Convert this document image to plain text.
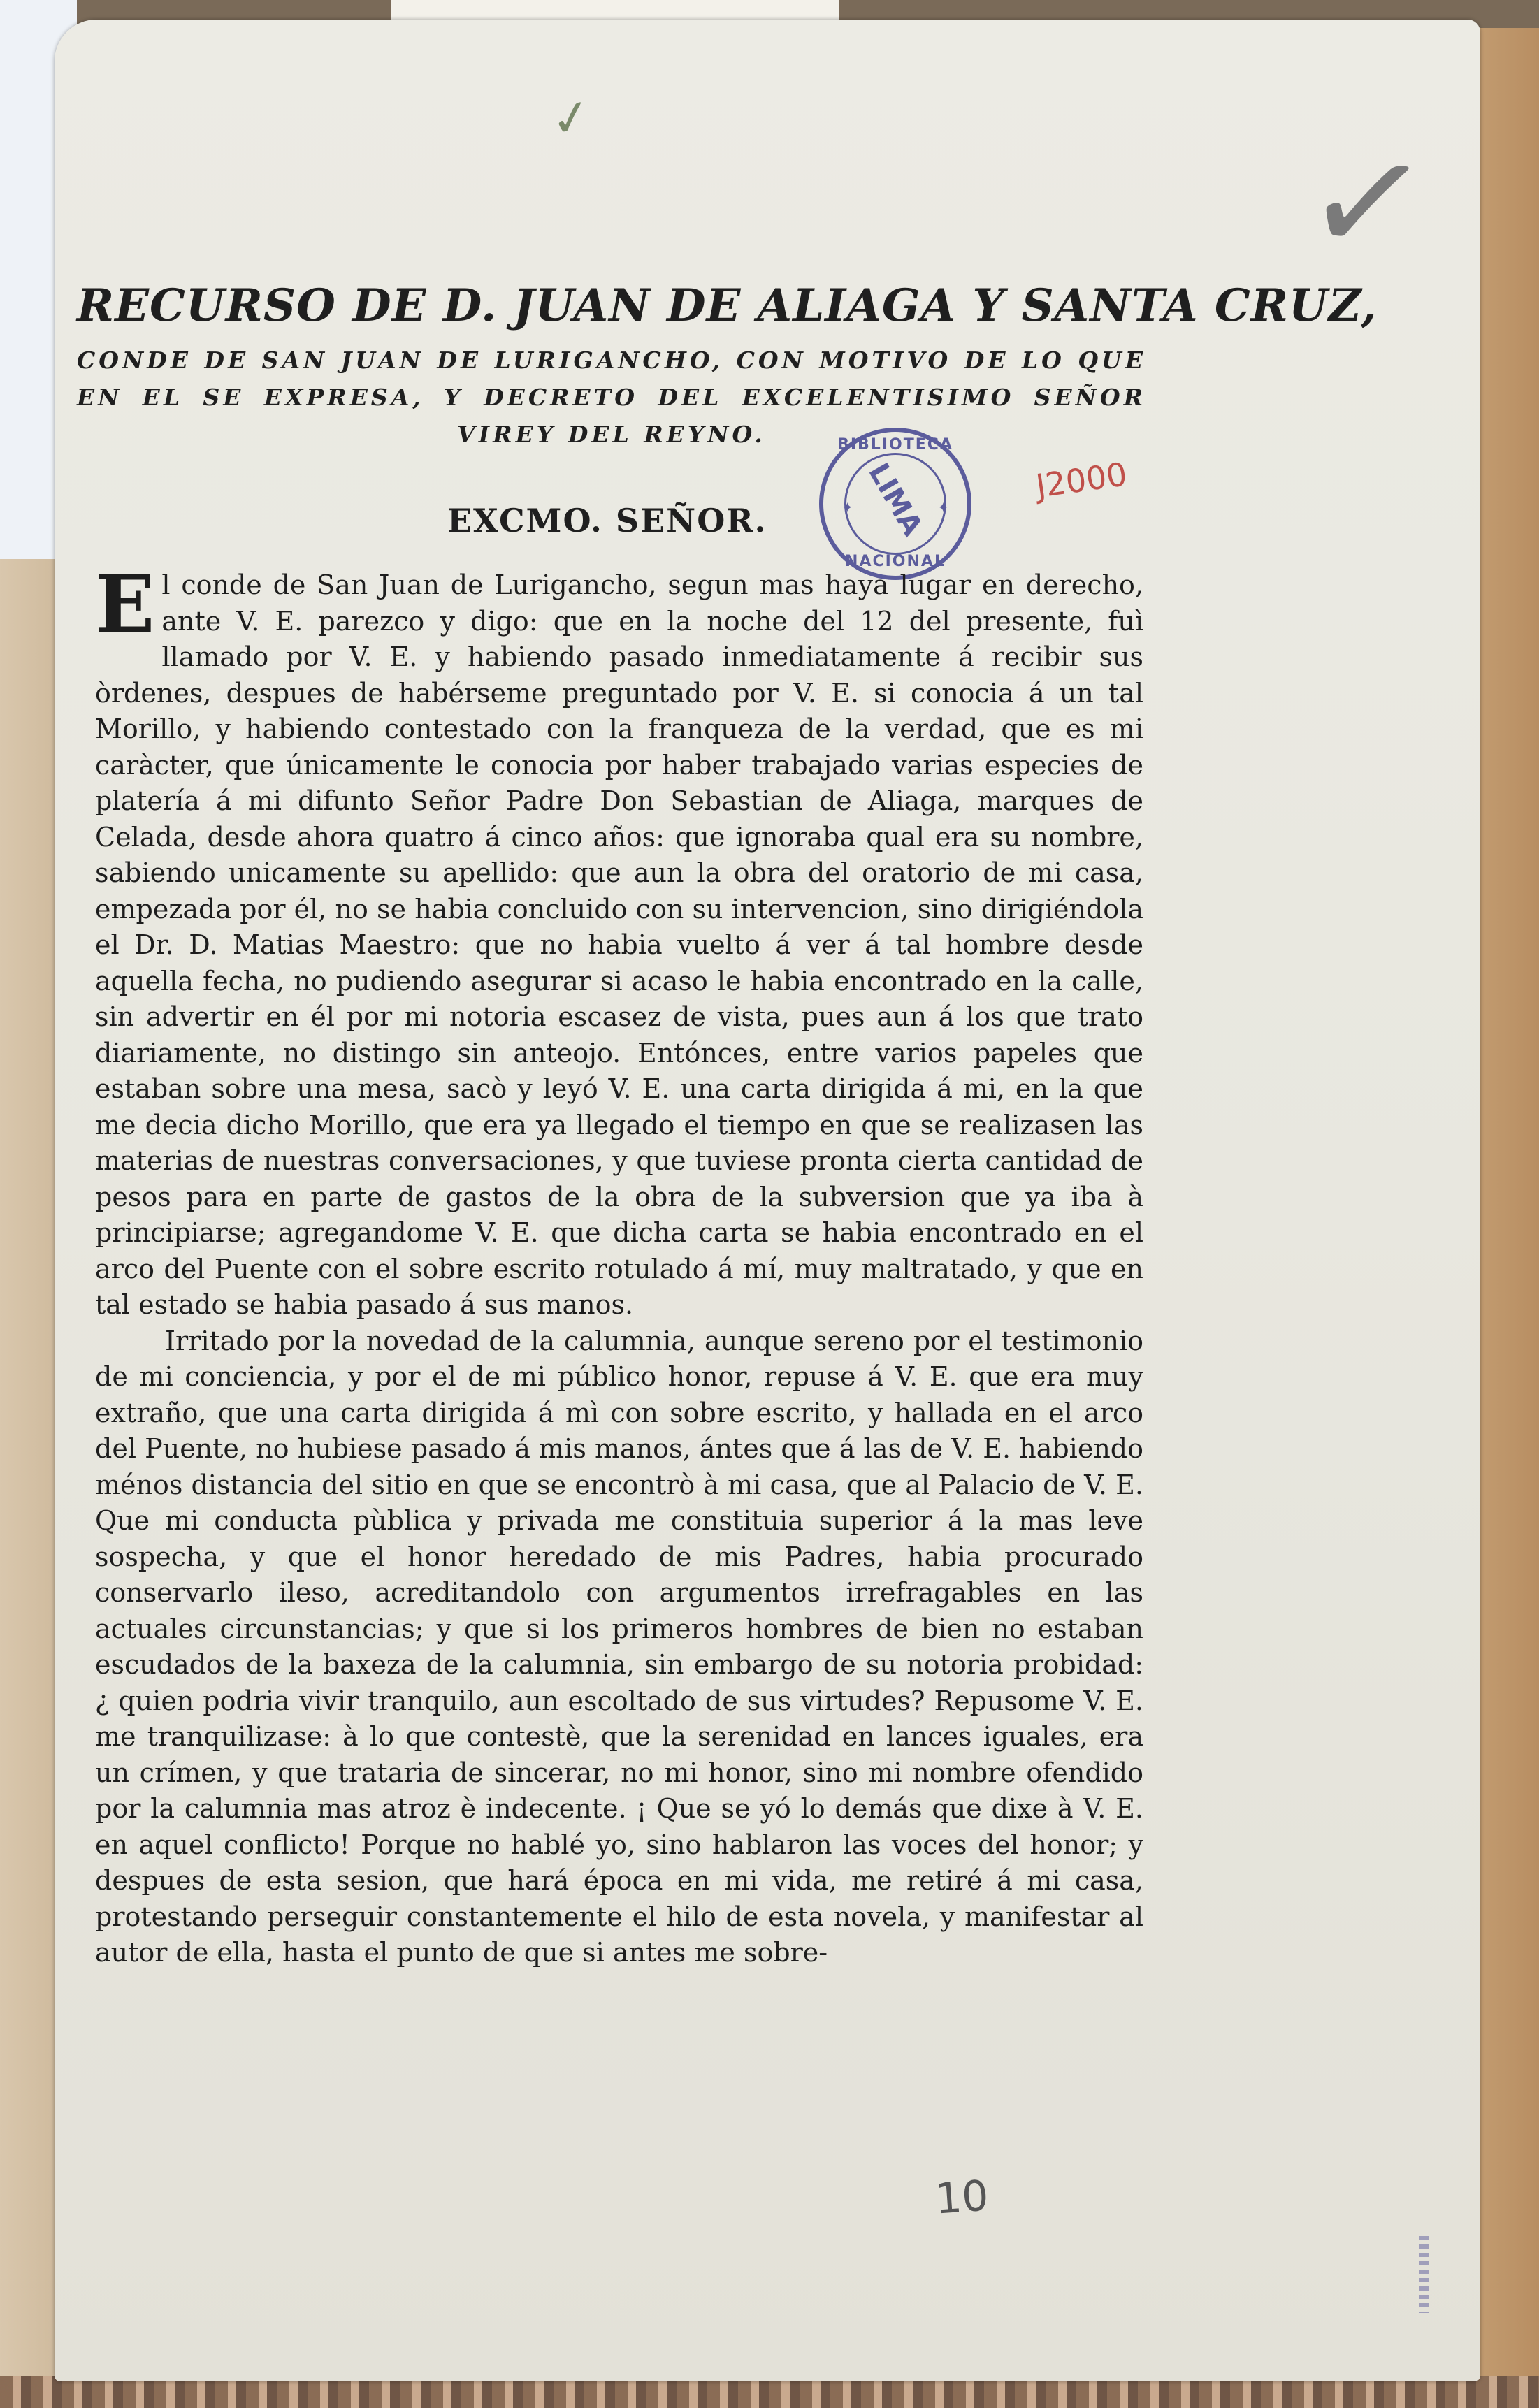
✓	✓
RECURSO DE D. JUAN DE ALIAGA Y SANTA CRUZ,
CONDE DE SAN JUAN DE LURIGANCHO, CON MOTIVO DE LO QUE EN EL SE EXPRESA, Y DECRETO DEL EXCELENTISIMO SEÑOR VIREY DEL REYNO.
EXCMO. SEÑOR.
BIBLIOTECA
LIMA
✦	✦
NACIONAL
J2000

El conde de San Juan de Lurigancho, segun mas haya lugar en derecho, ante V. E. parezco y digo: que en la noche del 12 del presente, fuì llamado por V. E. y habiendo pasado inmediatamente á recibir sus òrdenes, despues de habérseme preguntado por V. E. si conocia á un tal Morillo, y habiendo contestado con la franqueza de la verdad, que es mi caràcter, que únicamente le conocia por haber trabajado varias especies de platería á mi difunto Señor Padre Don Sebastian de Aliaga, marques de Celada, desde ahora quatro á cinco años: que ignoraba qual era su nombre, sabiendo unicamente su apellido: que aun la obra del oratorio de mi casa, empezada por él, no se habia concluido con su intervencion, sino dirigiéndola el Dr. D. Matias Maestro: que no habia vuelto á ver á tal hombre desde aquella fecha, no pudiendo asegurar si acaso le habia encontrado en la calle, sin advertir en él por mi notoria escasez de vista, pues aun á los que trato diariamente, no distingo sin anteojo. Entónces, entre varios papeles que estaban sobre una mesa, sacò y leyó V. E. una carta dirigida á mi, en la que me decia dicho Morillo, que era ya llegado el tiempo en que se realizasen las materias de nuestras conversaciones, y que tuviese pronta cierta cantidad de pesos para en parte de gastos de la obra de la subversion que ya iba à principiarse; agregandome V. E. que dicha carta se habia encontrado en el arco del Puente con el sobre escrito rotulado á mí, muy maltratado, y que en tal estado se habia pasado á sus manos.

Irritado por la novedad de la calumnia, aunque sereno por el testimonio de mi conciencia, y por el de mi público honor, repuse á V. E. que era muy extraño, que una carta dirigida á mì con sobre escrito, y hallada en el arco del Puente, no hubiese pasado á mis manos, ántes que á las de V. E. habiendo ménos distancia del sitio en que se encontrò à mi casa, que al Palacio de V. E. Que mi conducta pùblica y privada me constituia superior á la mas leve sospecha, y que el honor heredado de mis Padres, habia procurado conservarlo ileso, acreditandolo con argumentos irrefragables en las actuales circunstancias; y que si los primeros hombres de bien no estaban escudados de la baxeza de la calumnia, sin embargo de su notoria probidad: ¿ quien podria vivir tranquilo, aun escoltado de sus virtudes? Repusome V. E. me tranquilizase: à lo que contestè, que la serenidad en lances iguales, era un crímen, y que trataria de sincerar, no mi honor, sino mi nombre ofendido por la calumnia mas atroz è indecente. ¡ Que se yó lo demás que dixe à V. E. en aquel conflicto! Porque no hablé yo, sino hablaron las voces del honor; y despues de esta sesion, que hará época en mi vida, me retiré á mi casa, protestando perseguir constantemente el hilo de esta novela, y manifestar al autor de ella, hasta el punto de que si antes me sobre-

10
